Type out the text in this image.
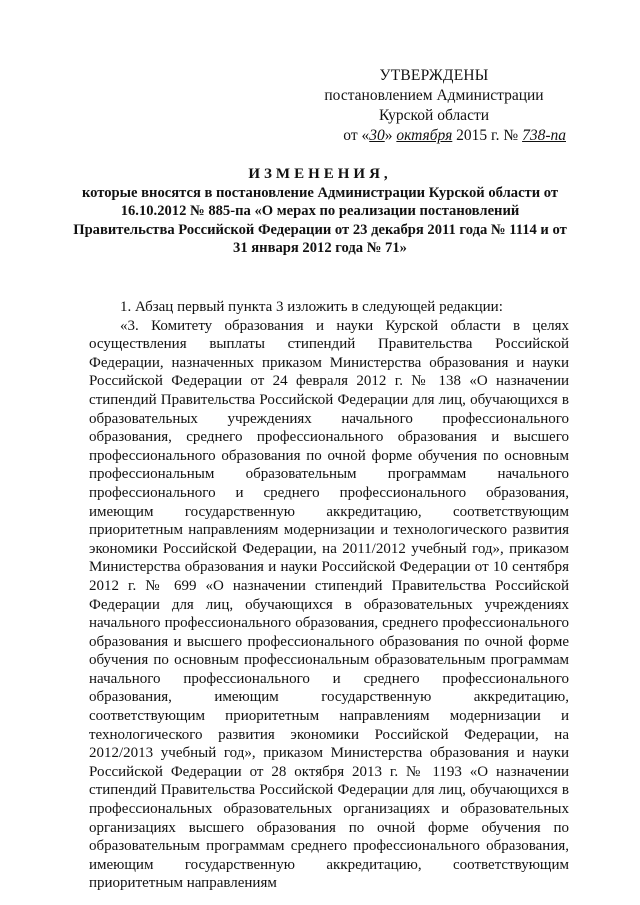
УТВЕРЖДЕНЫ
постановлением Администрации
Курской области
от «30» октября 2015 г. № 738-па
ИЗМЕНЕНИЯ,
которые вносятся в постановление Администрации Курской области от 16.10.2012 № 885-па «О мерах по реализации постановлений Правительства Российской Федерации от 23 декабря 2011 года № 1114 и от 31 января 2012 года № 71»

1. Абзац первый пункта 3 изложить в следующей редакции:

«3. Комитету образования и науки Курской области в целях осуществления выплаты стипендий Правительства Российской Федерации, назначенных приказом Министерства образования и науки Российской Федерации от 24 февраля 2012 г. № 138 «О назначении стипендий Правительства Российской Федерации для лиц, обучающихся в образовательных учреждениях начального профессионального образования, среднего профессионального образования и высшего профессионального образования по очной форме обучения по основным профессиональным образовательным программам начального профессионального и среднего профессионального образования, имеющим государственную аккредитацию, соответствующим приоритетным направлениям модернизации и технологического развития экономики Российской Федерации, на 2011/2012 учебный год», приказом Министерства образования и науки Российской Федерации от 10 сентября 2012 г. № 699 «О назначении стипендий Правительства Российской Федерации для лиц, обучающихся в образовательных учреждениях начального профессионального образования, среднего профессионального образования и высшего профессионального образования по очной форме обучения по основным профессиональным образовательным программам начального профессионального и среднего профессионального образования, имеющим государственную аккредитацию, соответствующим приоритетным направлениям модернизации и технологического развития экономики Российской Федерации, на 2012/2013 учебный год», приказом Министерства образования и науки Российской Федерации от 28 октября 2013 г. № 1193 «О назначении стипендий Правительства Российской Федерации для лиц, обучающихся в профессиональных образовательных организациях и образовательных организациях высшего образования по очной форме обучения по образовательным программам среднего профессионального образования, имеющим государственную аккредитацию, соответствующим приоритетным направлениям
